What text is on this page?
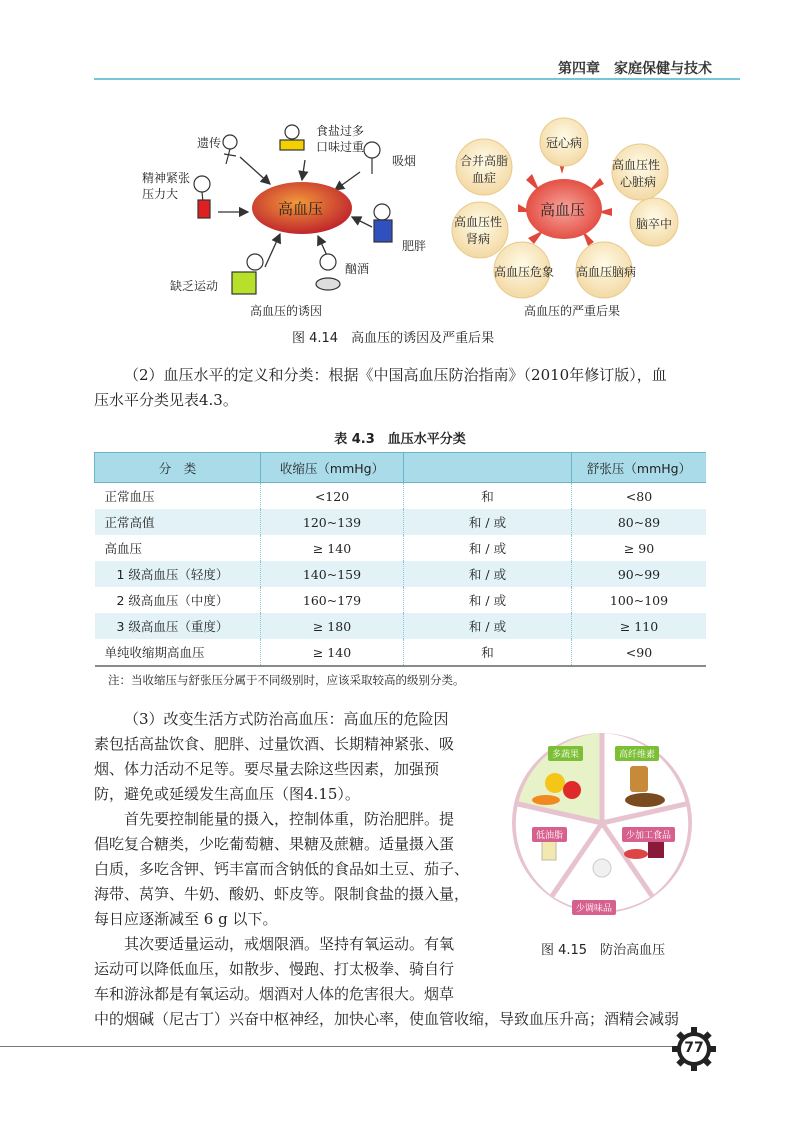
第四章　家庭保健与技术
高血压
遗传
食盐过多
口味过重
吸烟
精神紧张
压力大
肥胖
缺乏运动
酗酒
高血压的诱因
高血压
冠心病
合并高脂
血症
高血压性
心脏病
高血压性
肾病
脑卒中
高血压危象 高血压脑病
高血压的严重后果
图 4.14　高血压的诱因及严重后果
（2）血压水平的定义和分类：根据《中国高血压防治指南》（2010年修订版），血
压水平分类见表4.3。
表 4.3　血压水平分类
分　类	收缩压（mmHg）		舒张压（mmHg）
正常血压	<120	和	<80
正常高值	120~139	和 / 或	80~89
高血压	≥ 140	和 / 或	≥ 90
1 级高血压（轻度）	140~159	和 / 或	90~99
2 级高血压（中度）	160~179	和 / 或	100~109
3 级高血压（重度）	≥ 180	和 / 或	≥ 110
单纯收缩期高血压	≥ 140	和	<90
注：当收缩压与舒张压分属于不同级别时，应该采取较高的级别分类。
（3）改变生活方式防治高血压：高血压的危险因
素包括高盐饮食、肥胖、过量饮酒、长期精神紧张、吸
烟、体力活动不足等。要尽量去除这些因素，加强预
防，避免或延缓发生高血压（图4.15）。
首先要控制能量的摄入，控制体重，防治肥胖。提
倡吃复合糖类，少吃葡萄糖、果糖及蔗糖。适量摄入蛋
白质，多吃含钾、钙丰富而含钠低的食品如土豆、茄子、
海带、莴笋、牛奶、酸奶、虾皮等。限制食盐的摄入量，
每日应逐渐减至 6 g 以下。
其次要适量运动，戒烟限酒。坚持有氧运动。有氧
运动可以降低血压，如散步、慢跑、打太极拳、骑自行
车和游泳都是有氧运动。烟酒对人体的危害很大。烟草
中的烟碱（尼古丁）兴奋中枢神经，加快心率，使血管收缩，导致血压升高；酒精会减弱
多蔬果	高纤维素
低油脂	少加工食品
少调味品
图 4.15　防治高血压
77
